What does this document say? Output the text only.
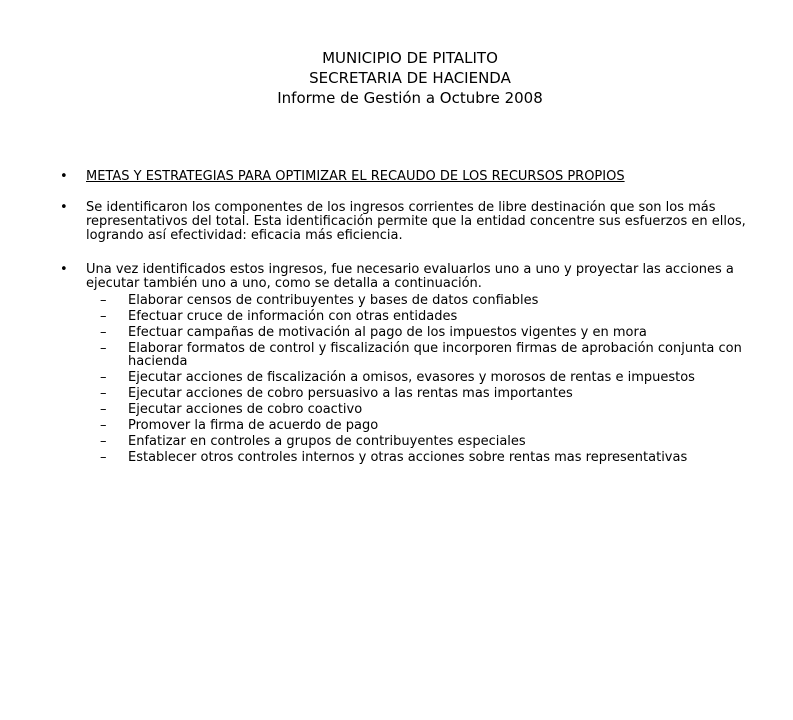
MUNICIPIO DE PITALITO
SECRETARIA DE HACIENDA
Informe de Gestión a Octubre 2008
• METAS Y ESTRATEGIAS PARA OPTIMIZAR EL RECAUDO DE LOS RECURSOS PROPIOS
• Se identificaron los componentes de los ingresos corrientes de libre destinación que son los más representativos del total. Esta identificación permite que la entidad concentre sus esfuerzos en ellos, logrando así efectividad: eficacia más eficiencia.
• Una vez identificados estos ingresos, fue necesario evaluarlos uno a uno y proyectar las acciones a ejecutar también uno a uno, como se detalla a continuación.
– Elaborar censos de contribuyentes y bases de datos confiables
– Efectuar cruce de información con otras entidades
– Efectuar campañas de motivación al pago de los impuestos vigentes y en mora
– Elaborar formatos de control y fiscalización que incorporen firmas de aprobación conjunta con hacienda
– Ejecutar acciones de fiscalización a omisos, evasores y morosos de rentas e impuestos
– Ejecutar acciones de cobro persuasivo a las rentas mas importantes
– Ejecutar acciones de cobro coactivo
– Promover la firma de acuerdo de pago
– Enfatizar en controles a grupos de contribuyentes especiales
– Establecer otros controles internos y otras acciones sobre rentas mas representativas
